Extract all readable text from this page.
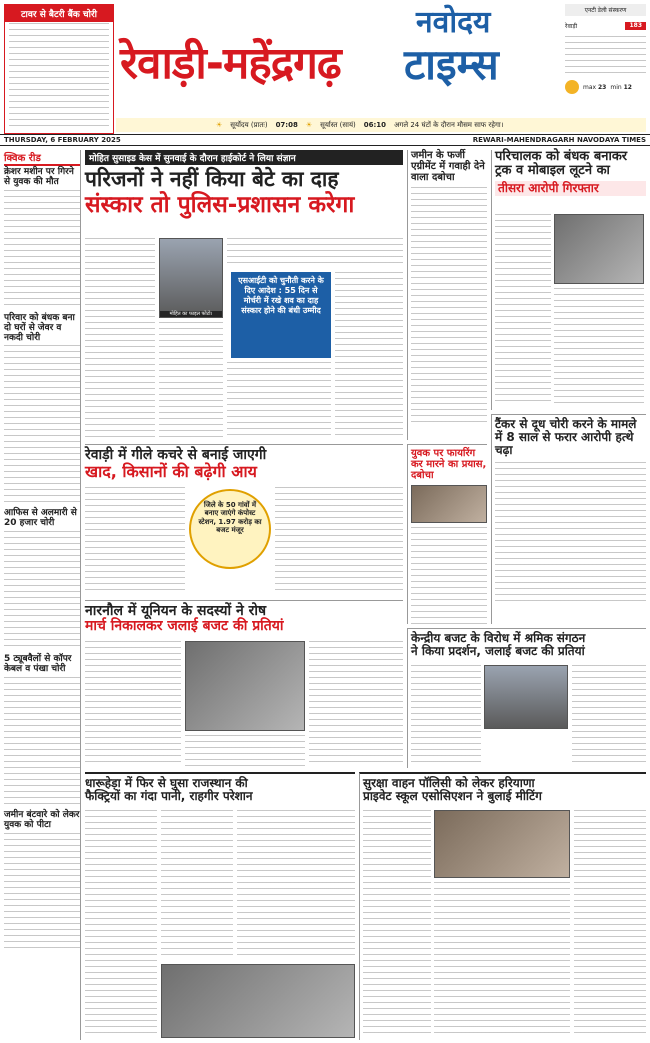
टावर से बैटरी बैंक चोरी
रेवाड़ी-महेंद्रगढ़
नवोदय
टाइम्स
एनटी डेली संस्करण
रेवाड़ी	183
max 23 min 12
☀ सूर्योदय (प्रातः) 07:08 ☀ सूर्यास्त (सायं) 06:10 अगले 24 घंटों के दौरान मौसम साफ रहेगा।
THURSDAY, 6 FEBRUARY 2025	REWARI-MAHENDRAGARH NAVODAYA TIMES
क्विक रीड
क्रेशर मशीन पर गिरने से युवक की मौत
परिवार को बंधक बना दो घरों से जेवर व नकदी चोरी
आफिस से अलमारी से 20 हजार चोरी
5 ट्यूबवैलों से कॉपर केबल व पंखा चोरी
जमीन बंटवारे को लेकर युवक को पीटा
मोहित सुसाइड केस में सुनवाई के दौरान हाईकोर्ट ने लिया संज्ञान
परिजनों ने नहीं किया बेटे का दाह
संस्कार तो पुलिस-प्रशासन करेगा
मोहित का फाइल फोटो।
एसआईटी को चुनौती करने के दिए आदेश : 55 दिन से मोर्चरी में रखे शव का दाह संस्कार होने की बंधी उम्मीद
जमीन के फर्जी एग्रीमेंट में गवाही देने वाला दबोचा
परिचालक को बंधक बनाकर
ट्रक व मोबाइल लूटने का
तीसरा आरोपी गिरफ्तार
टैंकर से दूध चोरी करने के मामले में 8 साल से फरार आरोपी हत्थे चढ़ा
रेवाड़ी में गीले कचरे से बनाई जाएगी
खाद, किसानों की बढ़ेगी आय
जिले के 50 गांवों में बनाए जाएंगे कंपोस्ट स्टेशन, 1.97 करोड़ का बजट मंजूर
युवक पर फायरिंग कर मारने का प्रयास, दबोचा
नारनौल में यूनियन के सदस्यों ने रोष
मार्च निकालकर जलाई बजट की प्रतियां
केन्द्रीय बजट के विरोध में श्रमिक संगठन
ने किया प्रदर्शन, जलाई बजट की प्रतियां
धारूहेड़ा में फिर से घुसा राजस्थान की
फैक्ट्रियों का गंदा पानी, राहगीर परेशान
सुरक्षा वाहन पॉलिसी को लेकर हरियाणा
प्राइवेट स्कूल एसोसिएशन ने बुलाई मीटिंग
